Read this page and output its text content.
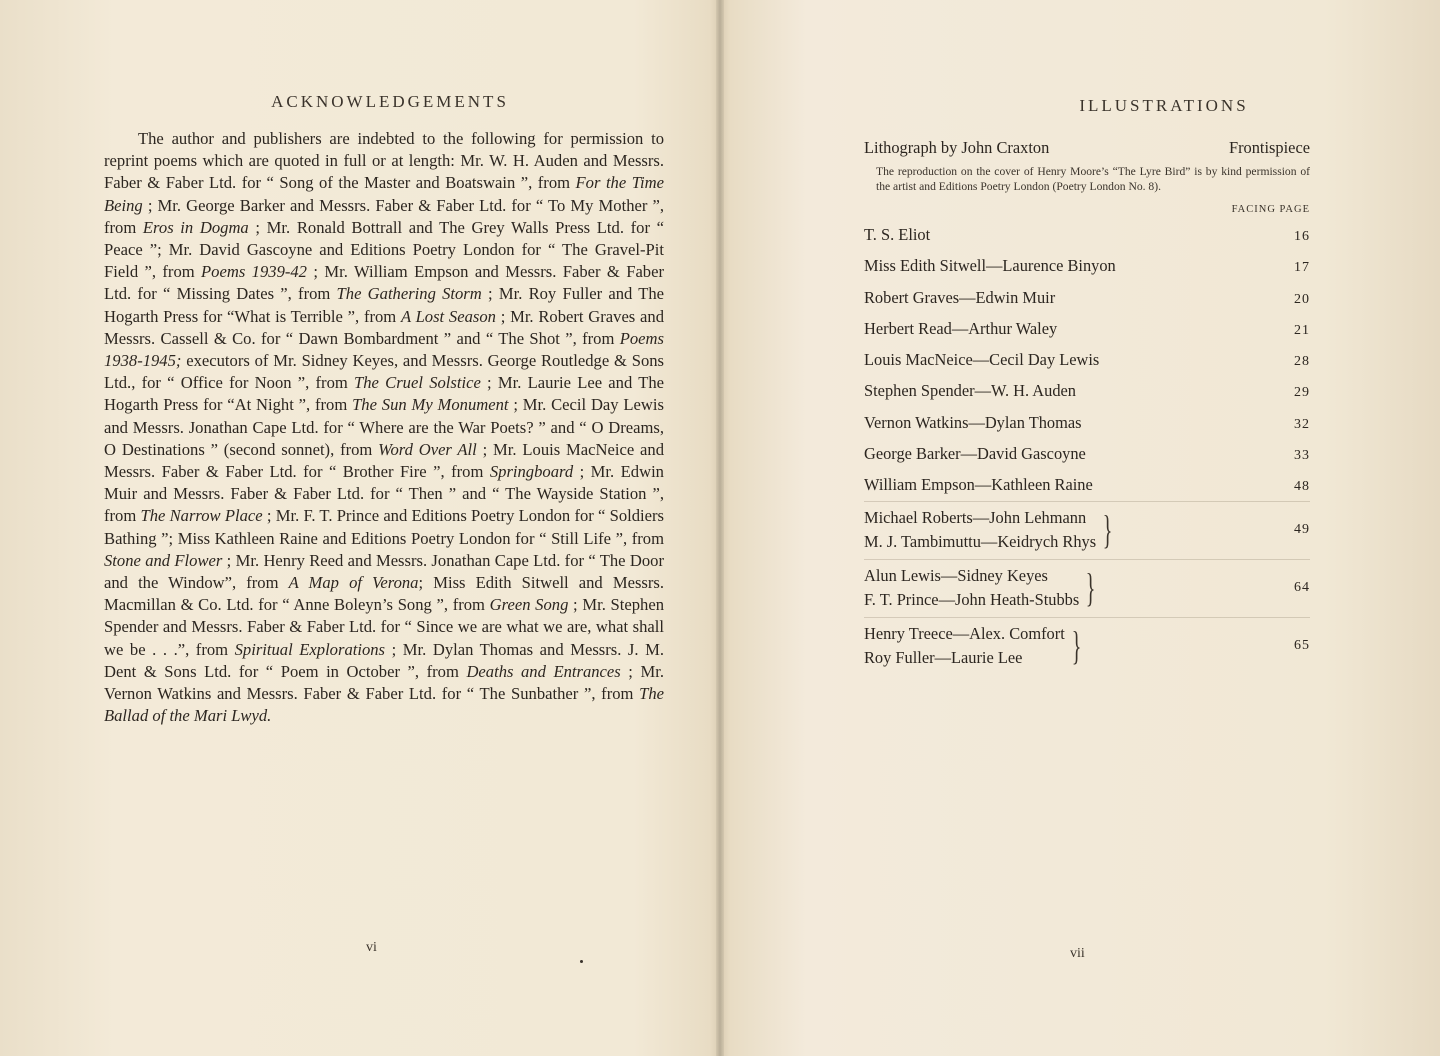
ACKNOWLEDGEMENTS

The author and publishers are indebted to the following for permission to reprint poems which are quoted in full or at length: Mr. W. H. Auden and Messrs. Faber & Faber Ltd. for “ Song of the Master and Boatswain ”, from For the Time Being ; Mr. George Barker and Messrs. Faber & Faber Ltd. for “ To My Mother ”, from Eros in Dogma ; Mr. Ronald Bottrall and The Grey Walls Press Ltd. for “ Peace ”; Mr. David Gascoyne and Editions Poetry London for “ The Gravel-Pit Field ”, from Poems 1939-42 ; Mr. William Empson and Messrs. Faber & Faber Ltd. for “ Missing Dates ”, from The Gathering Storm ; Mr. Roy Fuller and The Hogarth Press for “What is Terrible ”, from A Lost Season ; Mr. Robert Graves and Messrs. Cassell & Co. for “ Dawn Bombardment ” and “ The Shot ”, from Poems 1938-1945; executors of Mr. Sidney Keyes, and Messrs. George Routledge & Sons Ltd., for “ Office for Noon ”, from The Cruel Solstice ; Mr. Laurie Lee and The Hogarth Press for “At Night ”, from The Sun My Monument ; Mr. Cecil Day Lewis and Messrs. Jonathan Cape Ltd. for “ Where are the War Poets? ” and “ O Dreams, O Destinations ” (second sonnet), from Word Over All ; Mr. Louis MacNeice and Messrs. Faber & Faber Ltd. for “ Brother Fire ”, from Springboard ; Mr. Edwin Muir and Messrs. Faber & Faber Ltd. for “ Then ” and “ The Wayside Station ”, from The Narrow Place ; Mr. F. T. Prince and Editions Poetry London for “ Soldiers Bathing ”; Miss Kathleen Raine and Editions Poetry London for “ Still Life ”, from Stone and Flower ; Mr. Henry Reed and Messrs. Jonathan Cape Ltd. for “ The Door and the Window”, from A Map of Verona; Miss Edith Sitwell and Messrs. Macmillan & Co. Ltd. for “ Anne Boleyn’s Song ”, from Green Song ; Mr. Stephen Spender and Messrs. Faber & Faber Ltd. for “ Since we are what we are, what shall we be . . .”, from Spiritual Explorations ; Mr. Dylan Thomas and Messrs. J. M. Dent & Sons Ltd. for “ Poem in October ”, from Deaths and Entrances ; Mr. Vernon Watkins and Messrs. Faber & Faber Ltd. for “ The Sunbather ”, from The Ballad of the Mari Lwyd.

vi
ILLUSTRATIONS
Lithograph by John Craxton	Frontispiece
The reproduction on the cover of Henry Moore’s “The Lyre Bird” is by kind permission of the artist and Editions Poetry London (Poetry London No. 8).
FACING PAGE
T. S. Eliot	16
Miss Edith Sitwell—Laurence Binyon	17
Robert Graves—Edwin Muir	20
Herbert Read—Arthur Waley	21
Louis MacNeice—Cecil Day Lewis	28
Stephen Spender—W. H. Auden	29
Vernon Watkins—Dylan Thomas	32
George Barker—David Gascoyne	33
William Empson—Kathleen Raine	48
Michael Roberts—John Lehmann
M. J. Tambimuttu—Keidrych Rhys }	49
Alun Lewis—Sidney Keyes
F. T. Prince—John Heath-Stubbs }	64
Henry Treece—Alex. Comfort
Roy Fuller—Laurie Lee	}	65
vii
